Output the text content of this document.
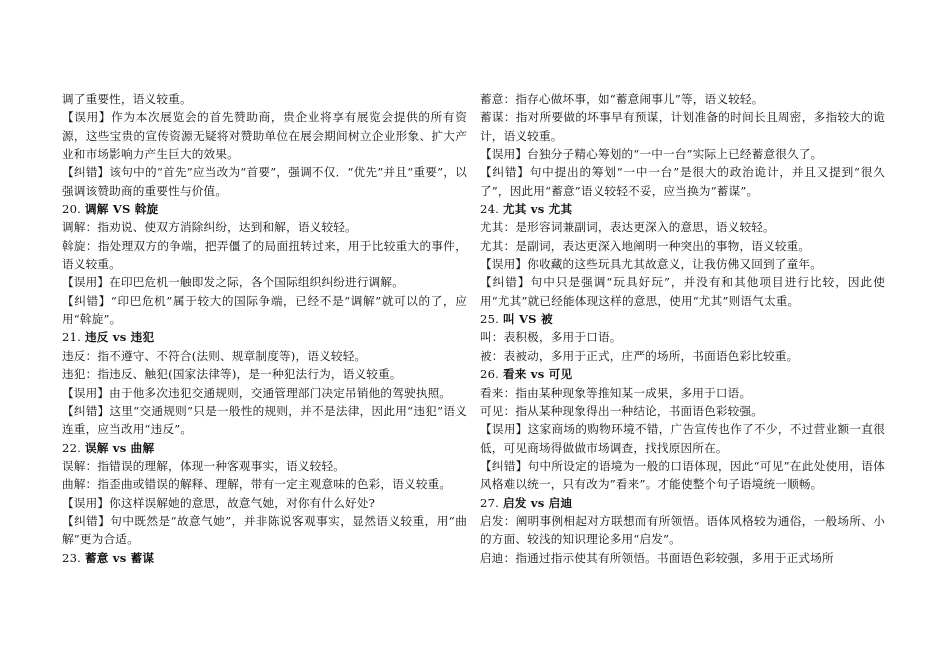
调了重要性，语义较重。

【误用】作为本次展览会的首先赞助商，贵企业将享有展览会提供的所有资源，这些宝贵的宣传资源无疑将对赞助单位在展会期间树立企业形象、扩大产业和市场影响力产生巨大的效果。

【纠错】该句中的“首先”应当改为“首要”，强调不仅．“优先”并且“重要”，以强调该赞助商的重要性与价值。

20. 调解 VS 斡旋

调解：指劝说、使双方消除纠纷，达到和解，语义较轻。

斡旋：指处理双方的争端，把弄僵了的局面扭转过来，用于比较重大的事件，语义较重。

【误用】在印巴危机一触即发之际，各个国际组织纠纷进行调解。

【纠错】“印巴危机”属于较大的国际争端，已经不是“调解”就可以的了，应用“斡旋”。

21. 违反 vs 违犯

违反：指不遵守、不符合(法则、规章制度等)，语义较轻。

违犯：指违反、触犯(国家法律等)，是一种犯法行为，语义较重。

【误用】由于他多次违犯交通规则，交通管理部门决定吊销他的驾驶执照。

【纠错】这里“交通规则”只是一般性的规则，并不是法律，因此用“违犯”语义连重，应当改用“违反”。

22. 误解 vs 曲解

误解：指错误的理解，体现一种客观事实，语义较轻。

曲解：指歪曲或错误的解释、理解，带有一定主观意味的色彩，语义较重。

【误用】你这样误解她的意思，故意气她，对你有什么好处?

【纠错】句中既然是“故意气她”，并非陈说客观事实，显然语义较重，用“曲解”更为合适。

23. 蓄意 vs 蓄谋

蓄意：指存心做坏事，如“蓄意闹事儿”等，语义较轻。

蓄谋：指对所要做的坏事早有预谋，计划准备的时间长且周密，多指较大的诡计，语义较重。

【误用】台独分子精心筹划的“一中一台”实际上已经蓄意很久了。

【纠错】句中提出的筹划“一中一台”是很大的政治诡计，并且又提到“很久了”，因此用“蓄意”语义较轻不妥，应当换为“蓄谋”。

24. 尤其 vs 尤其

尤其：是形容词兼副词，表达更深入的意思，语义较轻。

尤其：是副词，表达更深入地阐明一种突出的事物，语义较重。

【误用】你收藏的这些玩具尤其故意义，让我仿佛又回到了童年。

【纠错】句中只是强调“玩具好玩”，并没有和其他项目进行比较，因此使用“尤其”就已经能体现这样的意思，使用“尤其”则语气太重。

25. 叫 VS 被

叫：表积极，多用于口语。

被：表被动，多用于正式，庄严的场所，书面语色彩比较重。

26. 看来 vs 可见

看来：指由某种现象等推知某一成果，多用于口语。

可见：指从某种现象得出一种结论，书面语色彩较强。

【误用】这家商场的购物环境不错，广告宣传也作了不少，不过营业额一直很低，可见商场得做做市场调查，找找原因所在。

【纠错】句中所设定的语境为一般的口语体现，因此“可见”在此处使用，语体风格难以统一，只有改为”看来”。才能使整个句子语境统一顺畅。

27. 启发 vs 启迪

启发：阐明事例相起对方联想而有所领悟。语体风格较为通俗，一般场所、小的方面、较浅的知识理论多用“启发”。

启迪：指通过指示使其有所领悟。书面语色彩较强，多用于正式场所
